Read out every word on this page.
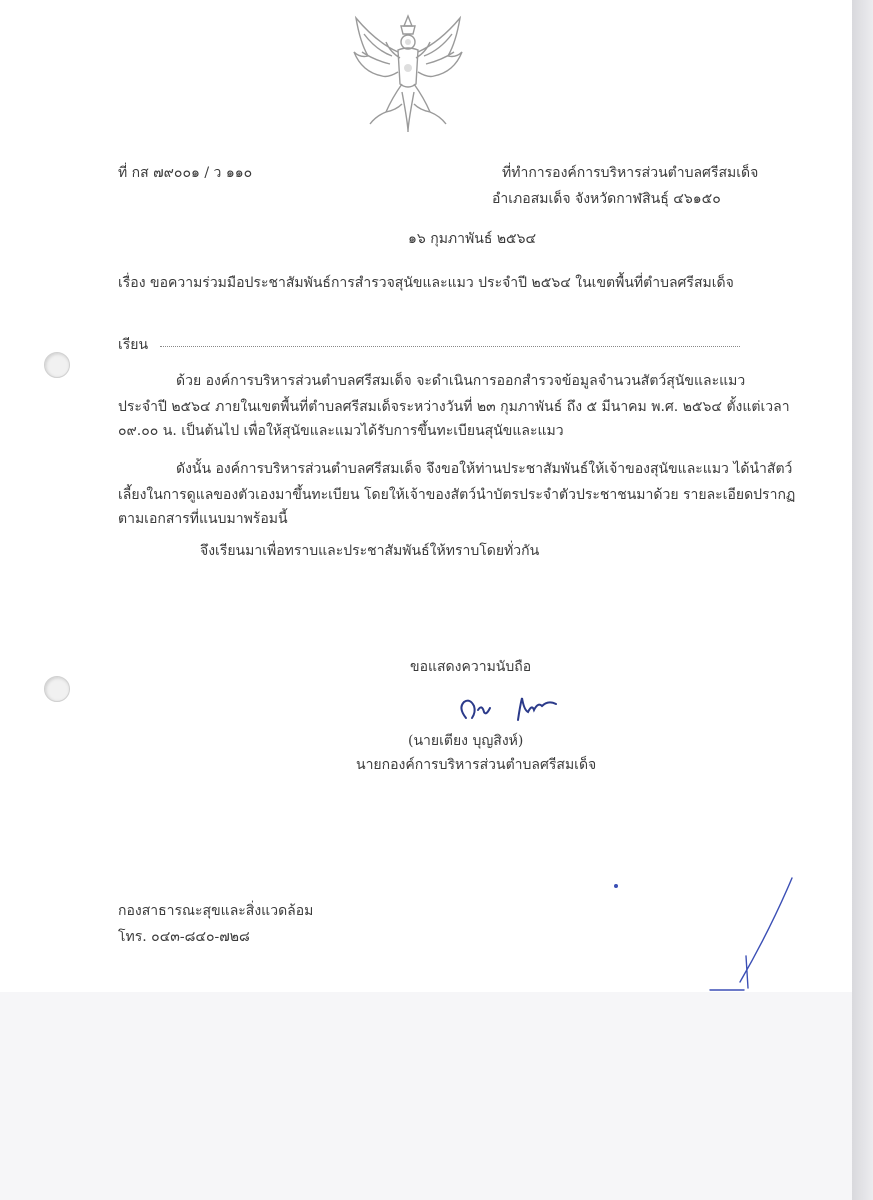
ที่ กส ๗๙๐๐๑ / ว ๑๑๐	ที่ทำการองค์การบริหารส่วนตำบลศรีสมเด็จ
อำเภอสมเด็จ จังหวัดกาฬสินธุ์ ๔๖๑๕๐
๑๖ กุมภาพันธ์ ๒๕๖๔
เรื่อง ขอความร่วมมือประชาสัมพันธ์การสำรวจสุนัขและแมว ประจำปี ๒๕๖๔ ในเขตพื้นที่ตำบลศรีสมเด็จ
เรียน
ด้วย องค์การบริหารส่วนตำบลศรีสมเด็จ จะดำเนินการออกสำรวจข้อมูลจำนวนสัตว์สุนัขและแมว
ประจำปี ๒๕๖๔ ภายในเขตพื้นที่ตำบลศรีสมเด็จระหว่างวันที่ ๒๓ กุมภาพันธ์ ถึง ๕ มีนาคม พ.ศ. ๒๕๖๔ ตั้งแต่เวลา
๐๙.๐๐ น. เป็นต้นไป เพื่อให้สุนัขและแมวได้รับการขึ้นทะเบียนสุนัขและแมว
ดังนั้น องค์การบริหารส่วนตำบลศรีสมเด็จ จึงขอให้ท่านประชาสัมพันธ์ให้เจ้าของสุนัขและแมว ได้นำสัตว์
เลี้ยงในการดูแลของตัวเองมาขึ้นทะเบียน โดยให้เจ้าของสัตว์นำบัตรประจำตัวประชาชนมาด้วย รายละเอียดปรากฏ
ตามเอกสารที่แนบมาพร้อมนี้
จึงเรียนมาเพื่อทราบและประชาสัมพันธ์ให้ทราบโดยทั่วกัน
ขอแสดงความนับถือ
(นายเตียง บุญสิงห์)
นายกองค์การบริหารส่วนตำบลศรีสมเด็จ
กองสาธารณะสุขและสิ่งแวดล้อม
โทร. ๐๔๓-๘๔๐-๗๒๘
